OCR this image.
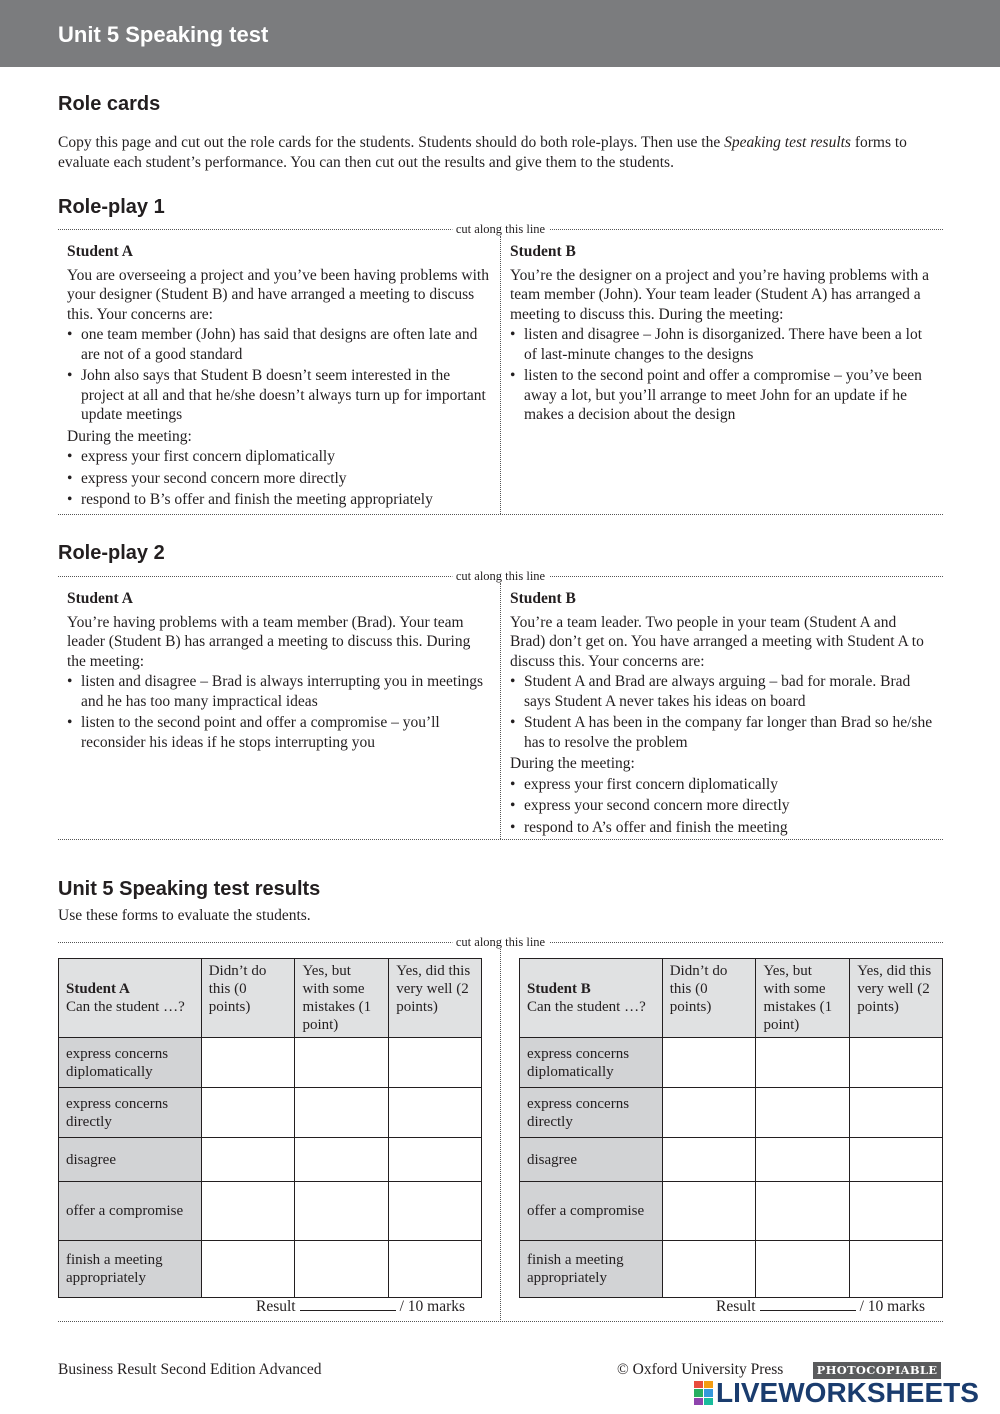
Unit 5 Speaking test
Role cards

Copy this page and cut out the role cards for the students. Students should do both role-plays. Then use the Speaking test results forms to evaluate each student’s performance. You can then cut out the results and give them to the students.

Role-play 1
cut along this line
Student A
You are overseeing a project and you’ve been having problems with your designer (Student B) and have arranged a meeting to discuss this. Your concerns are:
• one team member (John) has said that designs are often late and are not of a good standard
• John also says that Student B doesn’t seem interested in the project at all and that he/she doesn’t always turn up for important update meetings
During the meeting:
• express your first concern diplomatically
• express your second concern more directly
• respond to B’s offer and finish the meeting appropriately
Student B
You’re the designer on a project and you’re having problems with a team member (John). Your team leader (Student A) has arranged a meeting to discuss this. During the meeting:
• listen and disagree – John is disorganized. There have been a lot of last-minute changes to the designs
• listen to the second point and offer a compromise – you’ve been away a lot, but you’ll arrange to meet John for an update if he makes a decision about the design
Role-play 2
cut along this line
Student A
You’re having problems with a team member (Brad). Your team leader (Student B) has arranged a meeting to discuss this. During the meeting:
• listen and disagree – Brad is always interrupting you in meetings and he has too many impractical ideas
• listen to the second point and offer a compromise – you’ll reconsider his ideas if he stops interrupting you
Student B
You’re a team leader. Two people in your team (Student A and Brad) don’t get on. You have arranged a meeting with Student A to discuss this. Your concerns are:
• Student A and Brad are always arguing – bad for morale. Brad says Student A never takes his ideas on board
• Student A has been in the company far longer than Brad so he/she has to resolve the problem
During the meeting:
• express your first concern diplomatically
• express your second concern more directly
• respond to A’s offer and finish the meeting
Unit 5 Speaking test results
Use these forms to evaluate the students.
cut along this line
Student A
Can the student …?	Didn’t do this (0 points)	Yes, but with some mistakes (1 point)	Yes, did this very well (2 points)
express concerns diplomatically			
express concerns directly			
disagree			
offer a compromise			
finish a meeting appropriately			
Result	/ 10 marks
Student B
Can the student …?	Didn’t do this (0 points)	Yes, but with some mistakes (1 point)	Yes, did this very well (2 points)
express concerns diplomatically			
express concerns directly			
disagree			
offer a compromise			
finish a meeting appropriately			
Result	/ 10 marks
Business Result Second Edition Advanced	© Oxford University Press	PHOTOCOPIABLE
LIVEWORKSHEETS
